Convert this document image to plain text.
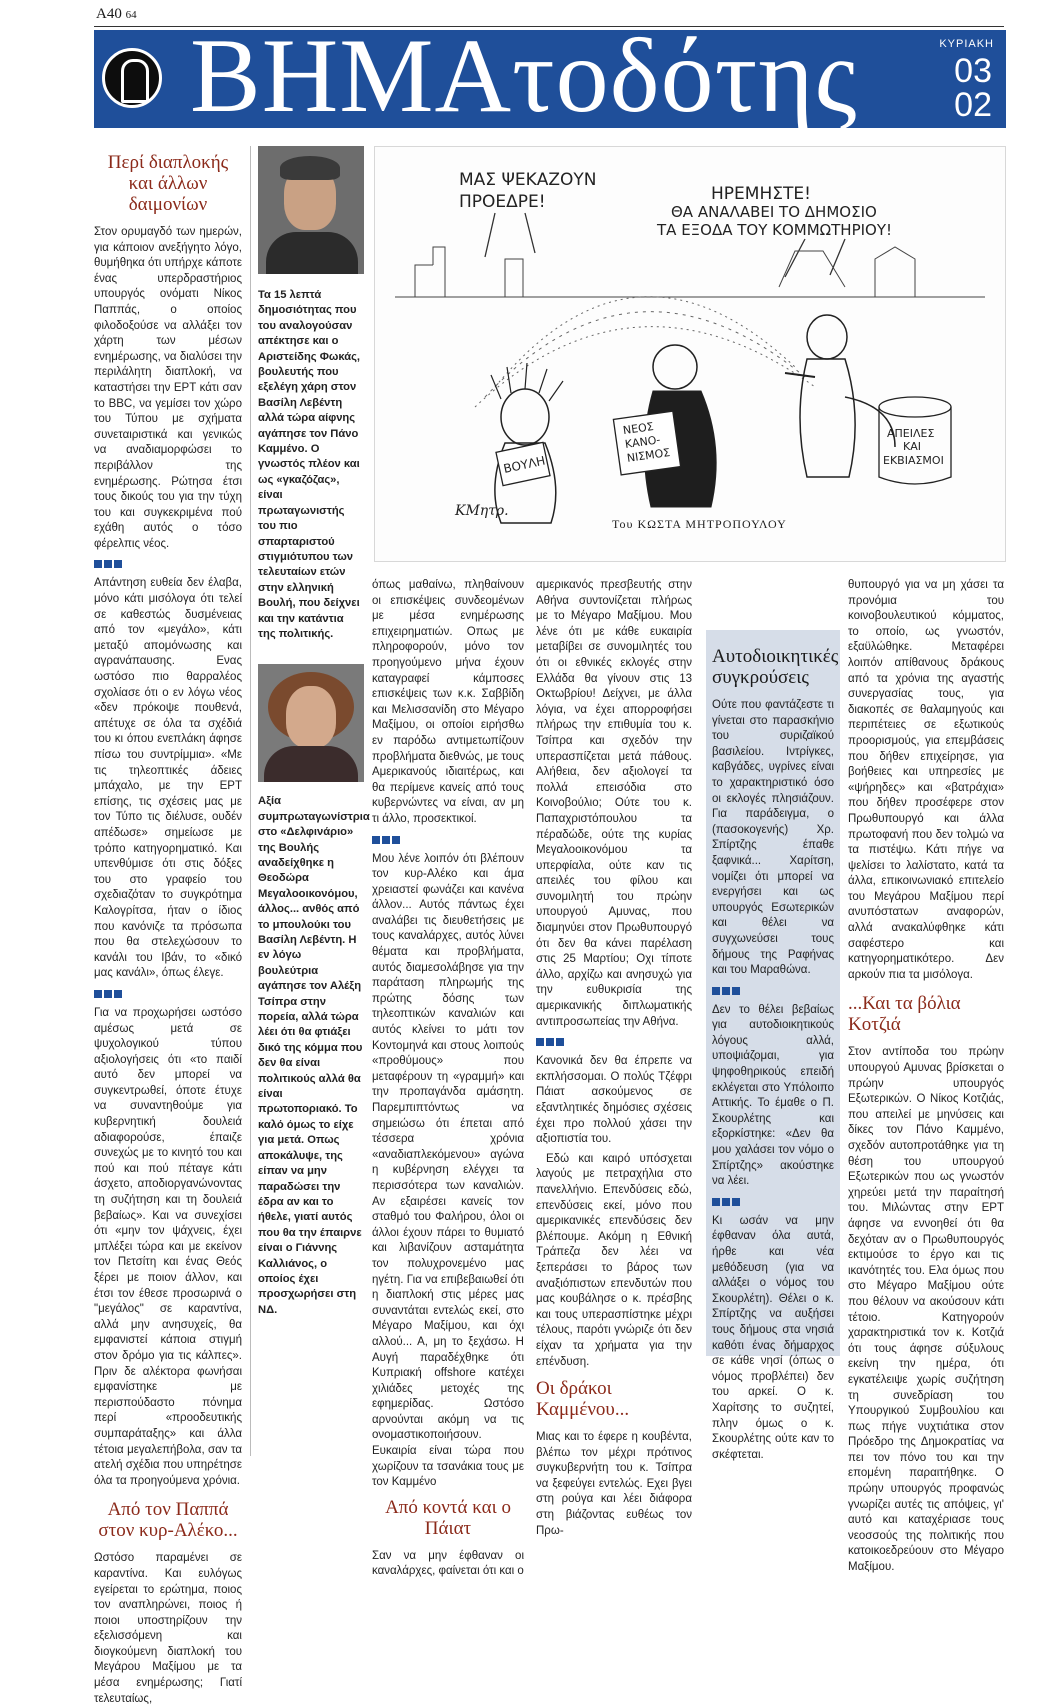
A40 64
ΒΗΜΑτοδότης	ΚΥΡΙΑΚΗ
03
02
Περί διαπλοκής και άλλων δαιμονίων

Στον ορυμαγδό των ημερών, για κάποιον ανεξήγητο λόγο, θυμήθηκα ότι υπήρχε κάποτε ένας υπερδραστήριος υπουργός ονόματι Νίκος Παππάς, ο οποίος φιλοδοξούσε να αλλάξει τον χάρτη των μέσων ενημέρωσης, να διαλύσει την περιλάλητη διαπλοκή, να καταστήσει την ΕΡΤ κάτι σαν το BBC, να γεμίσει τον χώρο του Τύπου με σχήματα συνεταιριστικά και γενικώς να αναδιαμορφώσει το περιβάλλον της ενημέρωσης. Ρώτησα έτσι τους δικούς του για την τύχη του και συγκεκριμένα πού εχάθη αυτός ο τόσο φέρελπις νέος.

Απάντηση ευθεία δεν έλαβα, μόνο κάτι μισόλογα ότι τελεί σε καθεστώς δυσμένειας από τον «μεγάλο», κάτι μεταξύ απομόνωσης και αγρανάπαυσης. Ενας ωστόσο πιο θαρραλέος σχολίασε ότι ο εν λόγω νέος «δεν πρόκοψε πουθενά, απέτυχε σε όλα τα σχέδιά του κι όπου ενεπλάκη άφησε πίσω του συντρίμμια». «Με τις τηλεοπτικές άδειες μπάχαλο, με την ΕΡΤ επίσης, τις σχέσεις μας με τον Τύπο τις διέλυσε, ουδέν απέδωσε» σημείωσε με τρόπο κατηγορηματικό. Και υπενθύμισε ότι στις δόξες του στο γραφείο του σχεδιαζόταν το συγκρότημα Καλογρίτσα, ήταν ο ίδιος που κανόνιζε τα πρόσωπα που θα στελεχώσουν το κανάλι του Ιβάν, το «δικό μας κανάλι», όπως έλεγε.

Για να προχωρήσει ωστόσο αμέσως μετά σε ψυχολογικού τύπου αξιολογήσεις ότι «το παιδί αυτό δεν μπορεί να συγκεντρωθεί, όποτε έτυχε να συναντηθούμε για κυβερνητική δουλειά αδιαφορούσε, έπαιζε συνεχώς με το κινητό του και πού και πού πέταγε κάτι άσχετο, αποδιοργανώνοντας τη συζήτηση και τη δουλειά βεβαίως». Και να συνεχίσει ότι «μην τον ψάχνεις, έχει μπλέξει τώρα και με εκείνον τον Πετσίτη και ένας Θεός ξέρει με ποιον άλλον, και έτσι τον έθεσε προσωρινά ο "μεγάλος" σε καραντίνα, αλλά μην ανησυχείς, θα εμφανιστεί κάποια στιγμή στον δρόμο για τις κάλπες». Πριν δε αλέκτορα φωνήσαι εμφανίστηκε με περισπούδαστο πόνημα περί «προοδευτικής συμπαράταξης» και άλλα τέτοια μεγαλεπήβολα, σαν τα ατελή σχέδια που υπηρέτησε όλα τα προηγούμενα χρόνια.

Από τον Παππά στον κυρ-Αλέκο...

Ωστόσο παραμένει σε καραντίνα. Και ευλόγως εγείρεται το ερώτημα, ποιος τον αναπληρώνει, ποιος ή ποιοι υποστηρίζουν την εξελισσόμενη και διογκούμενη διαπλοκή του Μεγάρου Μαξίμου με τα μέσα ενημέρωσης; Γιατί τελευταίως,

Τα 15 λεπτά δημοσιότητας που του αναλογούσαν απέκτησε και ο Αριστείδης Φωκάς, βουλευτής που εξελέγη χάρη στον Βασίλη Λεβέντη αλλά τώρα αίφνης αγάπησε τον Πάνο Καμμένο. Ο γνωστός πλέον και ως «γκαζόζας», είναι πρωταγωνιστής του πιο σπαρταριστού στιγμιότυπου των τελευταίων ετών στην ελληνική Βουλή, που δείχνει και την κατάντια της πολιτικής.
Αξία συμπρωταγωνίστρια στο «Δελφινάριο» της Βουλής αναδείχθηκε η Θεοδώρα Μεγαλοοικονόμου, άλλος... ανθός από το μπουλούκι του Βασίλη Λεβέντη. Η εν λόγω βουλεύτρια αγάπησε τον Αλέξη Τσίπρα στην πορεία, αλλά τώρα λέει ότι θα φτιάξει δικό της κόμμα που δεν θα είναι πολιτικούς αλλά θα είναι πρωτοποριακό. Το καλό όμως το είχε για μετά. Οπως αποκάλυψε, της είπαν να μην παραδώσει την έδρα αν και το ήθελε, γιατί αυτός που θα την έπαιρνε είναι ο Γιάννης Καλλιάνος, ο οποίος έχει προσχωρήσει στη ΝΔ.
ΜΑΣ ΨΕΚΑΖΟΥΝ
ΠΡΟΕΔΡΕ!	ΗΡΕΜΗΣΤΕ!
ΘΑ ΑΝΑΛΑΒΕΙ ΤΟ ΔΗΜΟΣΙΟ
ΤΑ ΕΞΟΔΑ ΤΟΥ ΚΟΜΜΩΤΗΡΙΟΥ!
ΒΟΥΛΗ
ΝΕΟΣ
ΚΑΝΟ-
ΝΙΣΜΟΣ
ΑΠΕΙΛΕΣ
ΚΑΙ
ΕΚΒΙΑΣΜΟΙ
ΚΜητρ.
Του ΚΩΣΤΑ ΜΗΤΡΟΠΟΥΛΟΥ

όπως μαθαίνω, πληθαίνουν οι επισκέψεις συνδεομένων με μέσα ενημέρωσης επιχειρηματιών. Οπως με πληροφορούν, μόνο τον προηγούμενο μήνα έχουν καταγραφεί κάμποσες επισκέψεις των κ.κ. Σαββίδη και Μελισσανίδη στο Μέγαρο Μαξίμου, οι οποίοι ειρήσθω εν παρόδω αντιμετωπίζουν προβλήματα διεθνώς, με τους Αμερικανούς ιδιαιτέρως, και θα περίμενε κανείς από τους κυβερνώντες να είναι, αν μη τι άλλο, προσεκτικοί.

Μου λένε λοιπόν ότι βλέπουν τον κυρ-Αλέκο και άμα χρειαστεί φωνάζει και κανένα άλλον... Αυτός πάντως έχει αναλάβει τις διευθετήσεις με τους καναλάρχες, αυτός λύνει θέματα και προβλήματα, αυτός διαμεσολάβησε για την παράταση πληρωμής της πρώτης δόσης των τηλεοπτικών καναλιών και αυτός κλείνει το μάτι τον Κοντομηνά και στους λοιπούς «προθύμους» που μεταφέρουν τη «γραμμή» και την προπαγάνδα αμάσητη. Παρεμπιπτόντως να σημειώσω ότι έπεται από τέσσερα χρόνια «αναδιαπλεκόμενου» αγώνα η κυβέρνηση ελέγχει τα περισσότερα των καναλιών. Αν εξαιρέσει κανείς τον σταθμό του Φαλήρου, όλοι οι άλλοι έχουν πάρει το θυμιατό και λιβανίζουν ασταμάτητα τον πολυχρονεμένο μας ηγέτη. Για να επιβεβαιωθεί ότι η διαπλοκή στις μέρες μας συναντάται εντελώς εκεί, στο Μέγαρο Μαξίμου, και όχι αλλού... Α, μη το ξεχάσω. Η Αυγή παραδέχθηκε ότι Κυπριακή offshore κατέχει χιλιάδες μετοχές της εφημερίδας. Ωστόσο αρνούνται ακόμη να τις ονομαστικοποιήσουν. Ευκαιρία είναι τώρα που χωρίζουν τα τσανάκια τους με τον Καμμένο

Από κοντά και ο Πάιατ

Σαν να μην έφθαναν οι καναλάρχες, φαίνεται ότι και ο

αμερικανός πρεσβευτής στην Αθήνα συντονίζεται πλήρως με το Μέγαρο Μαξίμου. Μου λένε ότι με κάθε ευκαιρία μεταβίβει σε συνομιλητές του ότι οι εθνικές εκλογές στην Ελλάδα θα γίνουν στις 13 Οκτωβρίου! Δείχνει, με άλλα λόγια, να έχει απορροφήσει πλήρως την επιθυμία του κ. Τσίπρα και σχεδόν την υπερασπίζεται μετά πάθους. Αλήθεια, δεν αξιολογεί τα πολλά επεισόδια στο Κοινοβούλιο; Ούτε του κ. Παπαχριστόπουλου τα πέραδώδε, ούτε της κυρίας Μεγαλοοικονόμου τα υπερφίαλα, ούτε καν τις απειλές του φίλου και συνομιλητή του πρώην υπουργού Αμυνας, που διαμηνύει στον Πρωθυπουργό ότι δεν θα κάνει παρέλαση στις 25 Μαρτίου; Οχι τίποτε άλλο, αρχίζω και ανησυχώ για την ευθυκρισία της αμερικανικής διπλωματικής αντιπροσωπείας την Αθήνα.

Κανονικά δεν θα έπρεπε να εκπλήσσομαι. Ο πολύς Τζέφρι Πάιατ ασκούμενος σε εξαντλητικές δημόσιες σχέσεις έχει προ πολλού χάσει την αξιοπιστία του.

Εδώ και καιρό υπόσχεται λαγούς με πετραχήλια στο πανελλήνιο. Επενδύσεις εδώ, επενδύσεις εκεί, μόνο που αμερικανικές επενδύσεις δεν βλέπουμε. Ακόμη η Εθνική Τράπεζα δεν λέει να ξεπεράσει το βάρος των αναξιόπιστων επενδυτών που μας κουβάλησε ο κ. πρέσβης και τους υπερασπίστηκε μέχρι τέλους, παρότι γνώριζε ότι δεν είχαν τα χρήματα για την επένδυση.

Οι δράκοι Καμμένου...

Μιας και το έφερε η κουβέντα, βλέπω τον μέχρι πρότινος συγκυβερνήτη του κ. Τσίπρα να ξεφεύγει εντελώς. Εχει βγει στη ρούγα και λέει διάφορα στη βιάζοντας ευθέως τον Πρω-

Αυτοδιοικητικές συγκρούσεις

Ούτε που φαντάζεστε τι γίνεται στο παρασκήνιο του συριζαϊκού βασιλείου. Ιντρίγκες, καβγάδες, υγρίνες είναι το χαρακτηριστικό όσο οι εκλογές πλησιάζουν. Για παράδειγμα, ο (πασοκογενής) Χρ. Σπίρτζης έπαθε ξαφνικά... Χαρίτση, νομίζει ότι μπορεί να ενεργήσει και ως υπουργός Εσωτερικών και θέλει να συγχωνεύσει τους δήμους της Ραφήνας και του Μαραθώνα.

Δεν το θέλει βεβαίως για αυτοδιοικητικούς λόγους αλλά, υποψιάζομαι, για ψηφοθηρικούς επειδή εκλέγεται στο Υπόλοιπο Αττικής. Το έμαθε ο Π. Σκουρλέτης και εξορκίστηκε: «Δεν θα μου χαλάσει τον νόμο ο Σπίρτζης» ακούστηκε να λέει.

Κι ωσάν να μην έφθαναν όλα αυτά, ήρθε και νέα μεθόδευση (για να αλλάξει ο νόμος του Σκουρλέτη). Θέλει ο κ. Σπίρτζης να αυξήσει τους δήμους στα νησιά καθότι ένας δήμαρχος σε κάθε νησί (όπως ο νόμος προβλέπει) δεν του αρκεί. Ο κ. Χαρίτσης το συζητεί, πλην όμως ο κ. Σκουρλέτης ούτε καν το σκέφτεται.

θυπουργό για να μη χάσει τα προνόμια του κοινοβουλευτικού κόμματος, το οποίο, ως γνωστόν, εξαϋλώθηκε. Μεταφέρει λοιπόν απίθανους δράκους από τα χρόνια της αγαστής συνεργασίας τους, για διακοπές σε θαλαμηγούς και περιπέτειες σε εξωτικούς προορισμούς, για επεμβάσεις που δήθεν επιχείρησε, για βοήθειες και υπηρεσίες με «ψήρηδες» και «βατράχια» που δήθεν προσέφερε στον Πρωθυπουργό και άλλα πρωτοφανή που δεν τολμώ να τα πιστέψω. Κάτι πήγε να ψελίσει το λαλίστατο, κατά τα άλλα, επικοινωνιακό επιτελείο του Μεγάρου Μαξίμου περί ανυπόστατων αναφορών, αλλά ανακαλύφθηκε κάτι σαφέστερο και κατηγορηματικότερο. Δεν αρκούν πια τα μισόλογα.

...Και τα βόλια Κοτζιά

Στον αντίποδα του πρώην υπουργού Αμυνας βρίσκεται ο πρώην υπουργός Εξωτερικών. Ο Νίκος Κοτζιάς, που απειλεί με μηνύσεις και δίκες τον Πάνο Καμμένο, σχεδόν αυτοπροτάθηκε για τη θέση του υπουργού Εξωτερικών που ως γνωστόν χηρεύει μετά την παραίτησή του. Μιλώντας στην ΕΡΤ άφησε να εννοηθεί ότι θα δεχόταν αν ο Πρωθυπουργός εκτιμούσε το έργο και τις ικανότητές του. Ελα όμως που στο Μέγαρο Μαξίμου ούτε που θέλουν να ακούσουν κάτι τέτοιο. Κατηγορούν χαρακτηριστικά τον κ. Κοτζιά ότι τους άφησε σύξυλους εκείνη την ημέρα, ότι εγκατέλειψε χωρίς συζήτηση τη συνεδρίαση του Υπουργικού Συμβουλίου και πως πήγε νυχτιάτικα στον Πρόεδρο της Δημοκρατίας να πει τον πόνο του και την επομένη παραιτήθηκε. Ο πρώην υπουργός προφανώς γνωρίζει αυτές τις απόψεις, γι' αυτό και καταχέριασε τους νεοσσούς της πολιτικής που κατοικοεδρεύουν στο Μέγαρο Μαξίμου.
